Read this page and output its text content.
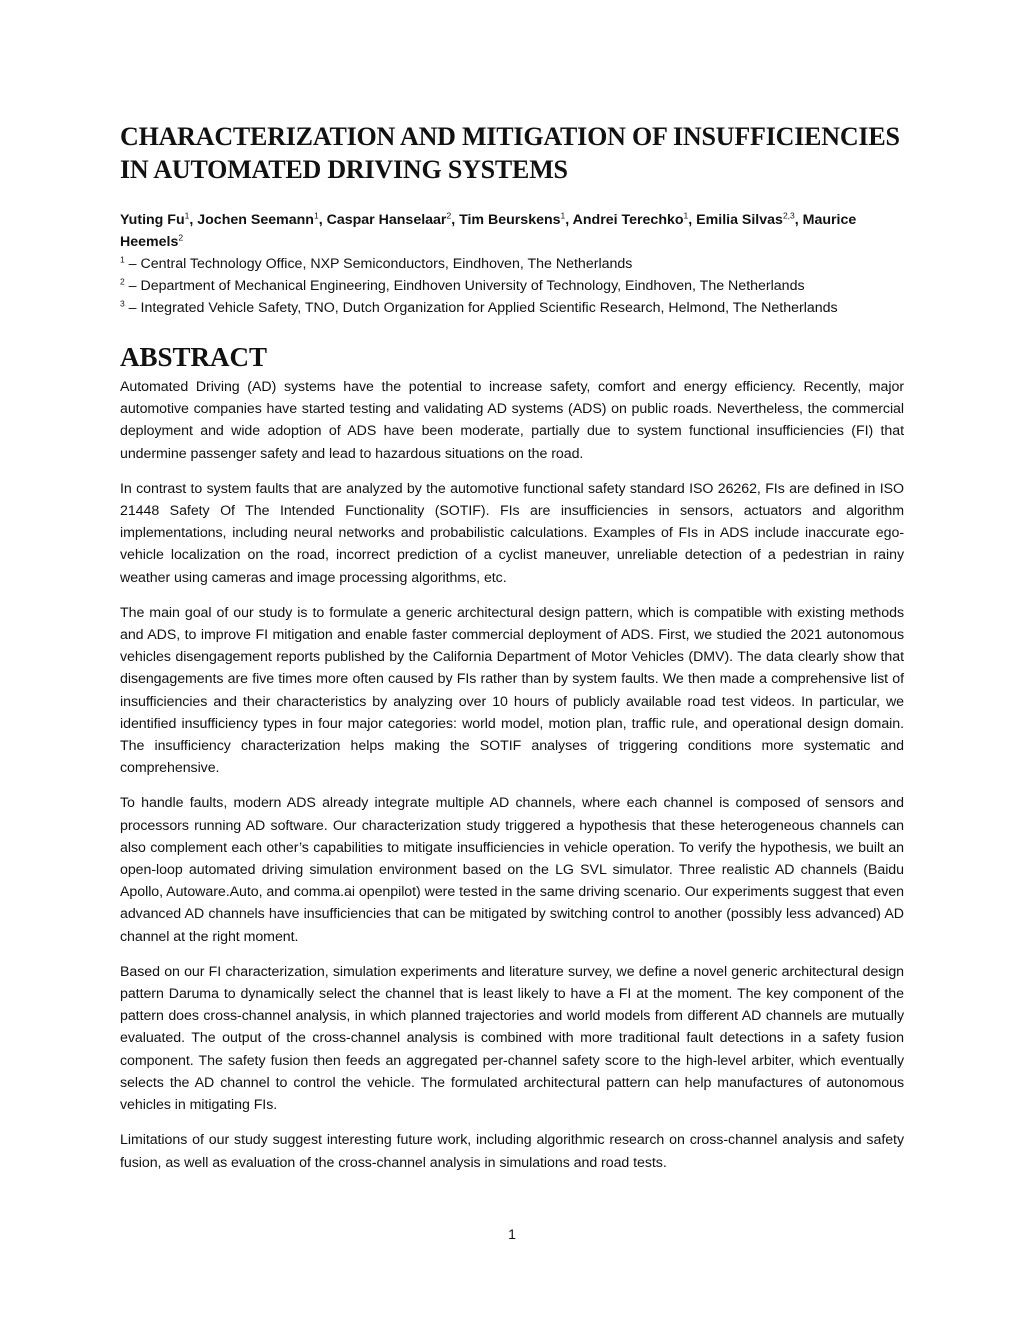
CHARACTERIZATION AND MITIGATION OF INSUFFICIENCIES
IN AUTOMATED DRIVING SYSTEMS
Yuting Fu$^1$, Jochen Seemann$^1$, Caspar Hanselaar$^2$, Tim Beurskens$^1$, Andrei Terechko$^1$, Emilia Silvas$^{2,3}$, Maurice Heemels$^2$
$^1$ – Central Technology Office, NXP Semiconductors, Eindhoven, The Netherlands
$^2$ – Department of Mechanical Engineering, Eindhoven University of Technology, Eindhoven, The Netherlands
$^3$ – Integrated Vehicle Safety, TNO, Dutch Organization for Applied Scientific Research, Helmond, The Netherlands
ABSTRACT

Automated Driving (AD) systems have the potential to increase safety, comfort and energy efficiency. Recently, major automotive companies have started testing and validating AD systems (ADS) on public roads. Nevertheless, the commercial deployment and wide adoption of ADS have been moderate, partially due to system functional insufficiencies (FI) that undermine passenger safety and lead to hazardous situations on the road.

In contrast to system faults that are analyzed by the automotive functional safety standard ISO 26262, FIs are defined in ISO 21448 Safety Of The Intended Functionality (SOTIF). FIs are insufficiencies in sensors, actuators and algorithm implementations, including neural networks and probabilistic calculations. Examples of FIs in ADS include inaccurate ego-vehicle localization on the road, incorrect prediction of a cyclist maneuver, unreliable detection of a pedestrian in rainy weather using cameras and image processing algorithms, etc.

The main goal of our study is to formulate a generic architectural design pattern, which is compatible with existing methods and ADS, to improve FI mitigation and enable faster commercial deployment of ADS. First, we studied the 2021 autonomous vehicles disengagement reports published by the California Department of Motor Vehicles (DMV). The data clearly show that disengagements are five times more often caused by FIs rather than by system faults. We then made a comprehensive list of insufficiencies and their characteristics by analyzing over 10 hours of publicly available road test videos. In particular, we identified insufficiency types in four major categories: world model, motion plan, traffic rule, and operational design domain. The insufficiency characterization helps making the SOTIF analyses of triggering conditions more systematic and comprehensive.

To handle faults, modern ADS already integrate multiple AD channels, where each channel is composed of sensors and processors running AD software. Our characterization study triggered a hypothesis that these heterogeneous channels can also complement each other’s capabilities to mitigate insufficiencies in vehicle operation. To verify the hypothesis, we built an open-loop automated driving simulation environment based on the LG SVL simulator. Three realistic AD channels (Baidu Apollo, Autoware.Auto, and comma.ai openpilot) were tested in the same driving scenario. Our experiments suggest that even advanced AD channels have insufficiencies that can be mitigated by switching control to another (possibly less advanced) AD channel at the right moment.

Based on our FI characterization, simulation experiments and literature survey, we define a novel generic architectural design pattern Daruma to dynamically select the channel that is least likely to have a FI at the moment. The key component of the pattern does cross-channel analysis, in which planned trajectories and world models from different AD channels are mutually evaluated. The output of the cross-channel analysis is combined with more traditional fault detections in a safety fusion component. The safety fusion then feeds an aggregated per-channel safety score to the high-level arbiter, which eventually selects the AD channel to control the vehicle. The formulated architectural pattern can help manufactures of autonomous vehicles in mitigating FIs.

Limitations of our study suggest interesting future work, including algorithmic research on cross-channel analysis and safety fusion, as well as evaluation of the cross-channel analysis in simulations and road tests.

1
